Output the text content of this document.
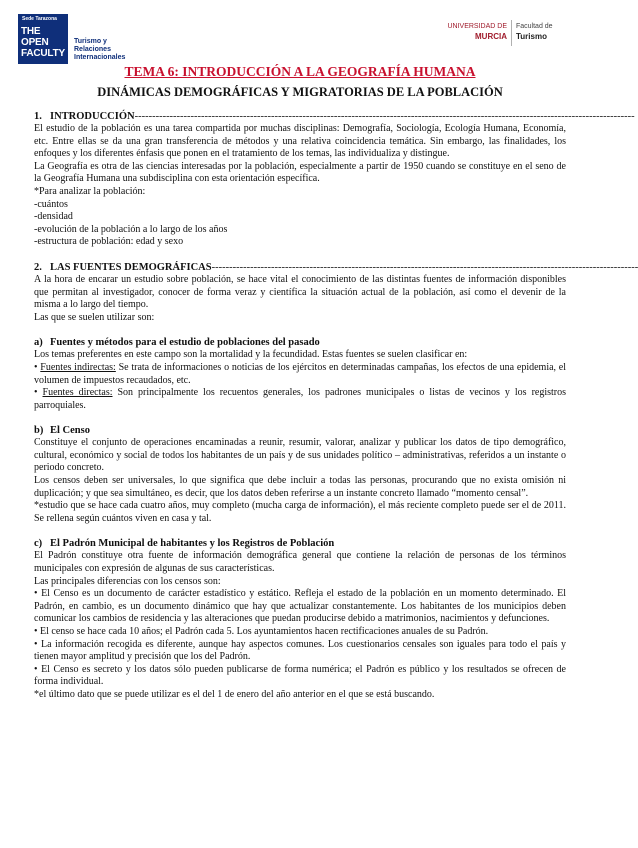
Sede Tarazona
THE OPEN FACULTY
Turismo y Relaciones Internacionales
UNIVERSIDAD DE
MURCIA
Facultad de
Turismo

TEMA 6: INTRODUCCIÓN A LA GEOGRAFÍA HUMANA

DINÁMICAS DEMOGRÁFICAS Y MIGRATORIAS DE LA POBLACIÓN

1. INTRODUCCIÓN-----------------------------------------------------------------------------------------------------------------------------------------------

El estudio de la población es una tarea compartida por muchas disciplinas: Demografía, Sociología, Ecología Humana, Economía, etc. Entre ellas se da una gran transferencia de métodos y una relativa coincidencia temática. Sin embargo, las finalidades, los enfoques y los diferentes énfasis que ponen en el tratamiento de los temas, las individualiza y distingue.

La Geografía es otra de las ciencias interesadas por la población, especialmente a partir de 1950 cuando se constituye en el seno de la Geografía Humana una subdisciplina con esta orientación específica.

*Para analizar la población:

-cuántos

-densidad

-evolución de la población a lo largo de los años

-estructura de población: edad y sexo

2. LAS FUENTES DEMOGRÁFICAS--------------------------------------------------------------------------------------------------------------------------

A la hora de encarar un estudio sobre población, se hace vital el conocimiento de las distintas fuentes de información disponibles que permitan al investigador, conocer de forma veraz y científica la situación actual de la población, así como el devenir de la misma a lo largo del tiempo.

Las que se suelen utilizar son:

a) Fuentes y métodos para el estudio de poblaciones del pasado

Los temas preferentes en este campo son la mortalidad y la fecundidad. Estas fuentes se suelen clasificar en:

• Fuentes indirectas: Se trata de informaciones o noticias de los ejércitos en determinadas campañas, los efectos de una epidemia, el volumen de impuestos recaudados, etc.

• Fuentes directas: Son principalmente los recuentos generales, los padrones municipales o listas de vecinos y los registros parroquiales.

b) El Censo

Constituye el conjunto de operaciones encaminadas a reunir, resumir, valorar, analizar y publicar los datos de tipo demográfico, cultural, económico y social de todos los habitantes de un país y de sus unidades político – administrativas, referidos a un instante o periodo concreto.

Los censos deben ser universales, lo que significa que debe incluir a todas las personas, procurando que no exista omisión ni duplicación; y que sea simultáneo, es decir, que los datos deben referirse a un instante concreto llamado “momento censal”.

*estudio que se hace cada cuatro años, muy completo (mucha carga de información), el más reciente completo puede ser el de 2011. Se rellena según cuántos viven en casa y tal.

c) El Padrón Municipal de habitantes y los Registros de Población

El Padrón constituye otra fuente de información demográfica general que contiene la relación de personas de los términos municipales con expresión de algunas de sus características.

Las principales diferencias con los censos son:

• El Censo es un documento de carácter estadístico y estático. Refleja el estado de la población en un momento determinado. El Padrón, en cambio, es un documento dinámico que hay que actualizar constantemente. Los habitantes de los municipios deben comunicar los cambios de residencia y las alteraciones que puedan producirse debido a matrimonios, nacimientos y defunciones.

• El censo se hace cada 10 años; el Padrón cada 5. Los ayuntamientos hacen rectificaciones anuales de su Padrón.

• La información recogida es diferente, aunque hay aspectos comunes. Los cuestionarios censales son iguales para todo el país y tienen mayor amplitud y precisión que los del Padrón.

• El Censo es secreto y los datos sólo pueden publicarse de forma numérica; el Padrón es público y los resultados se ofrecen de forma individual.

*el último dato que se puede utilizar es el del 1 de enero del año anterior en el que se está buscando.
